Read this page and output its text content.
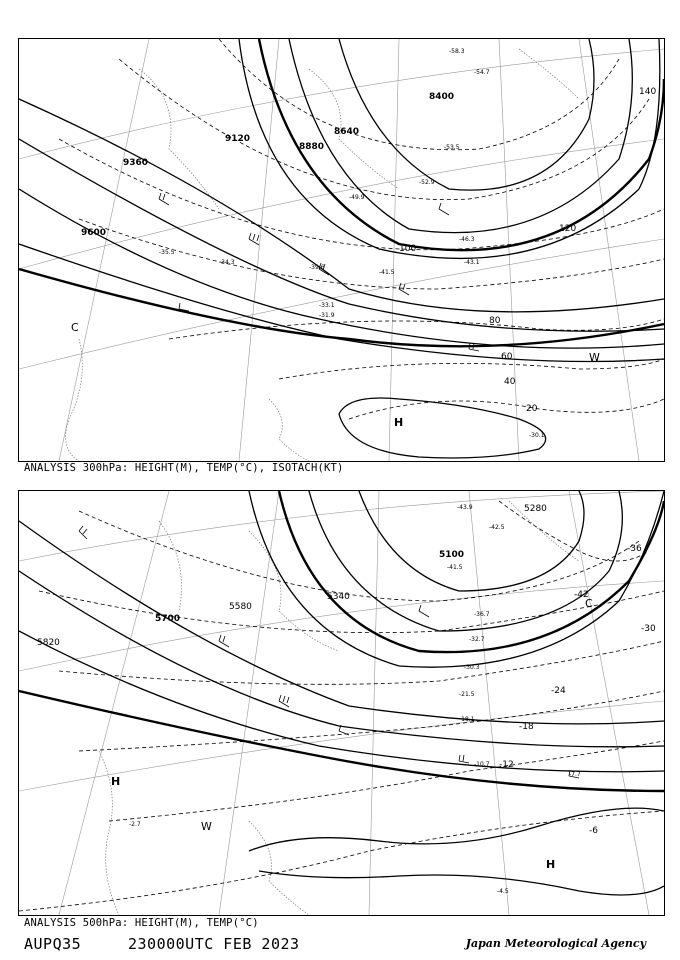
8400
8640
8880
9120
9360
9600
20
40
60
80
100
120
140
H
C
W
-58.3
-54.7
-53.5
-52.9
-49.9
-46.3
-43.1
-41.5
-39.6
-35.5
-34.3
-33.1
-31.9
-30.1
ANALYSIS 300hPa: HEIGHT(M), TEMP(°C), ISOTACH(KT)
5100
5280
5340
5580
5700
5820
-42
-36
-30
-24
-18
-12
-6
H
H
C
W
-43.9
-42.5
-41.5
-36.7
-32.7
-30.3
-21.5
-18.1
-10.7
-7.7
-4.5
-2.7
ANALYSIS 500hPa: HEIGHT(M), TEMP(°C)
AUPQ35	230000UTC FEB 2023	Japan Meteorological Agency
